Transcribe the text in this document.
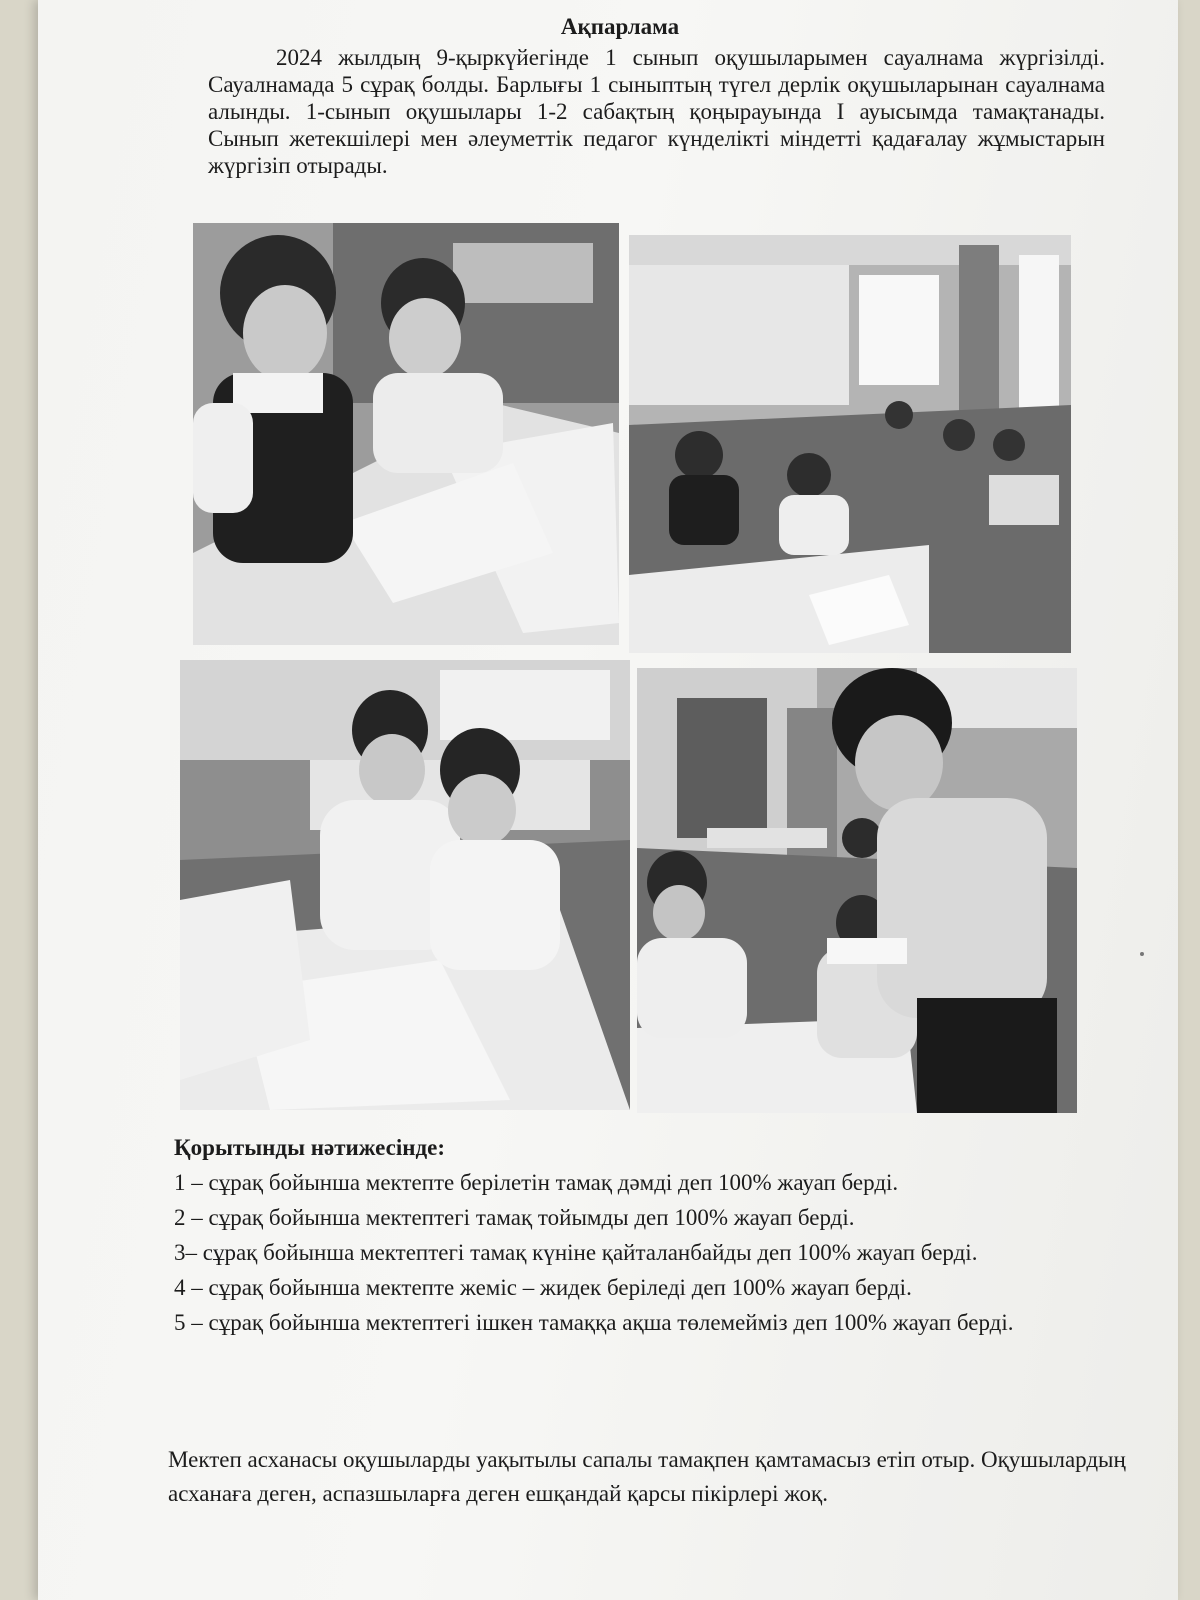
Ақпарлама

2024 жылдың 9-қыркүйегінде 1 сынып оқушыларымен сауалнама жүргізілді. Сауалнамада 5 сұрақ болды. Барлығы 1 сыныптың түгел дерлік оқушыларынан сауалнама алынды. 1-сынып оқушылары 1-2 сабақтың қоңырауында I ауысымда тамақтанады. Сынып жетекшілері мен әлеуметтік педагог күнделікті міндетті қадағалау жұмыстарын жүргізіп отырады.

Қорытынды нәтижесінде:

1 – сұрақ бойынша мектепте берілетін тамақ дәмді деп 100% жауап берді.

2 – сұрақ бойынша мектептегі тамақ тойымды деп 100% жауап берді.

3– сұрақ бойынша мектептегі тамақ күніне қайталанбайды деп 100% жауап берді.

4 – сұрақ бойынша мектепте жеміс – жидек беріледі деп 100% жауап берді.

5 – сұрақ бойынша мектептегі ішкен тамаққа ақша төлемейміз деп 100% жауап берді.

Мектеп асханасы оқушыларды уақытылы сапалы тамақпен қамтамасыз етіп отыр. Оқушылардың асханаға деген, аспазшыларға деген ешқандай қарсы пікірлері жоқ.
